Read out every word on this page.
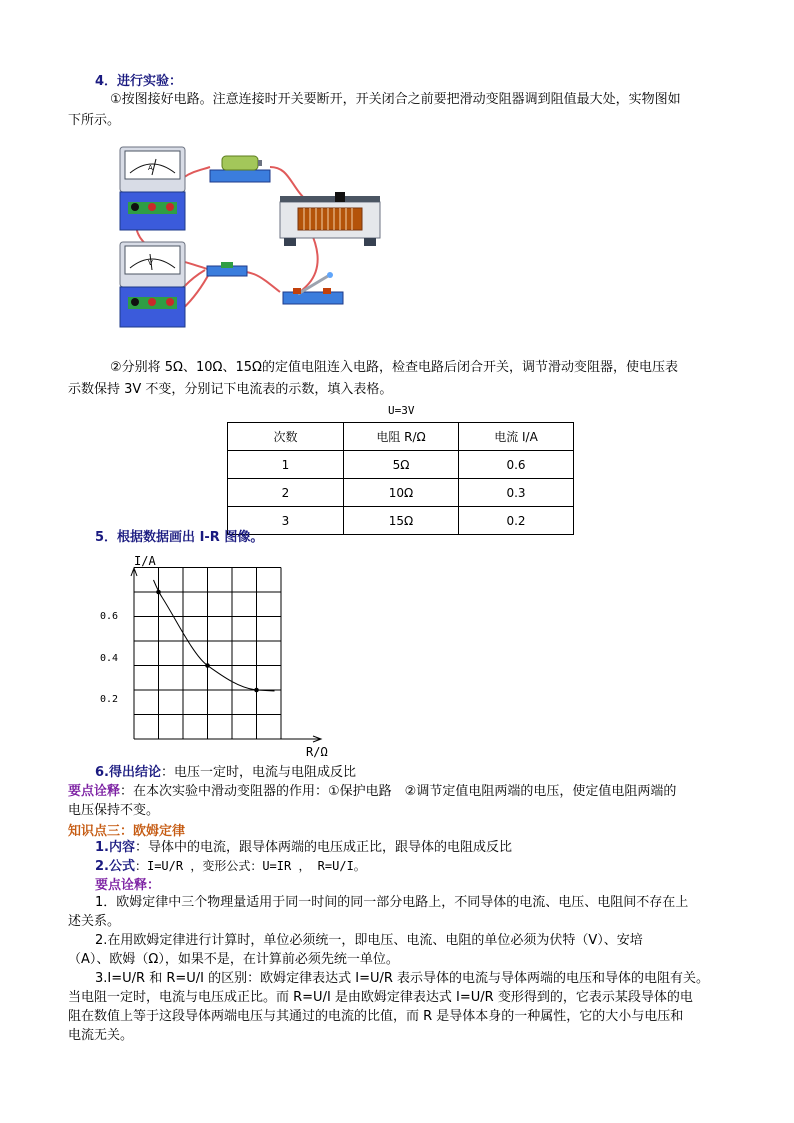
4．进行实验：
①按图接好电路。注意连接时开关要断开，开关闭合之前要把滑动变阻器调到阻值最大处，实物图如
下所示。
A
V
②分别将 5Ω、10Ω、15Ω的定值电阻连入电路，检查电路后闭合开关，调节滑动变阻器，使电压表
示数保持 3V 不变，分别记下电流表的示数，填入表格。
U=3V
次数	电阻 R/Ω	电流 I/A
1	5Ω	0.6
2	10Ω	0.3
3	15Ω	0.2
5．根据数据画出 I-R 图像。
I/A
R/Ω
0.6
0.4
0.2
6.得出结论：电压一定时，电流与电阻成反比
要点诠释：在本次实验中滑动变阻器的作用：①保护电路　②调节定值电阻两端的电压，使定值电阻两端的
电压保持不变。
知识点三：欧姆定律
1.内容：导体中的电流，跟导体两端的电压成正比，跟导体的电阻成反比
2.公式：I=U/R ，变形公式：U=IR ， R=U/I。
要点诠释：
1．欧姆定律中三个物理量适用于同一时间的同一部分电路上，不同导体的电流、电压、电阻间不存在上
述关系。
2.在用欧姆定律进行计算时，单位必须统一，即电压、电流、电阻的单位必须为伏特（V）、安培
（A）、欧姆（Ω），如果不是，在计算前必须先统一单位。
3.I=U/R 和 R=U/I 的区别：欧姆定律表达式 I=U/R 表示导体的电流与导体两端的电压和导体的电阻有关。
当电阻一定时，电流与电压成正比。而 R=U/I 是由欧姆定律表达式 I=U/R 变形得到的，它表示某段导体的电
阻在数值上等于这段导体两端电压与其通过的电流的比值，而 R 是导体本身的一种属性，它的大小与电压和
电流无关。
